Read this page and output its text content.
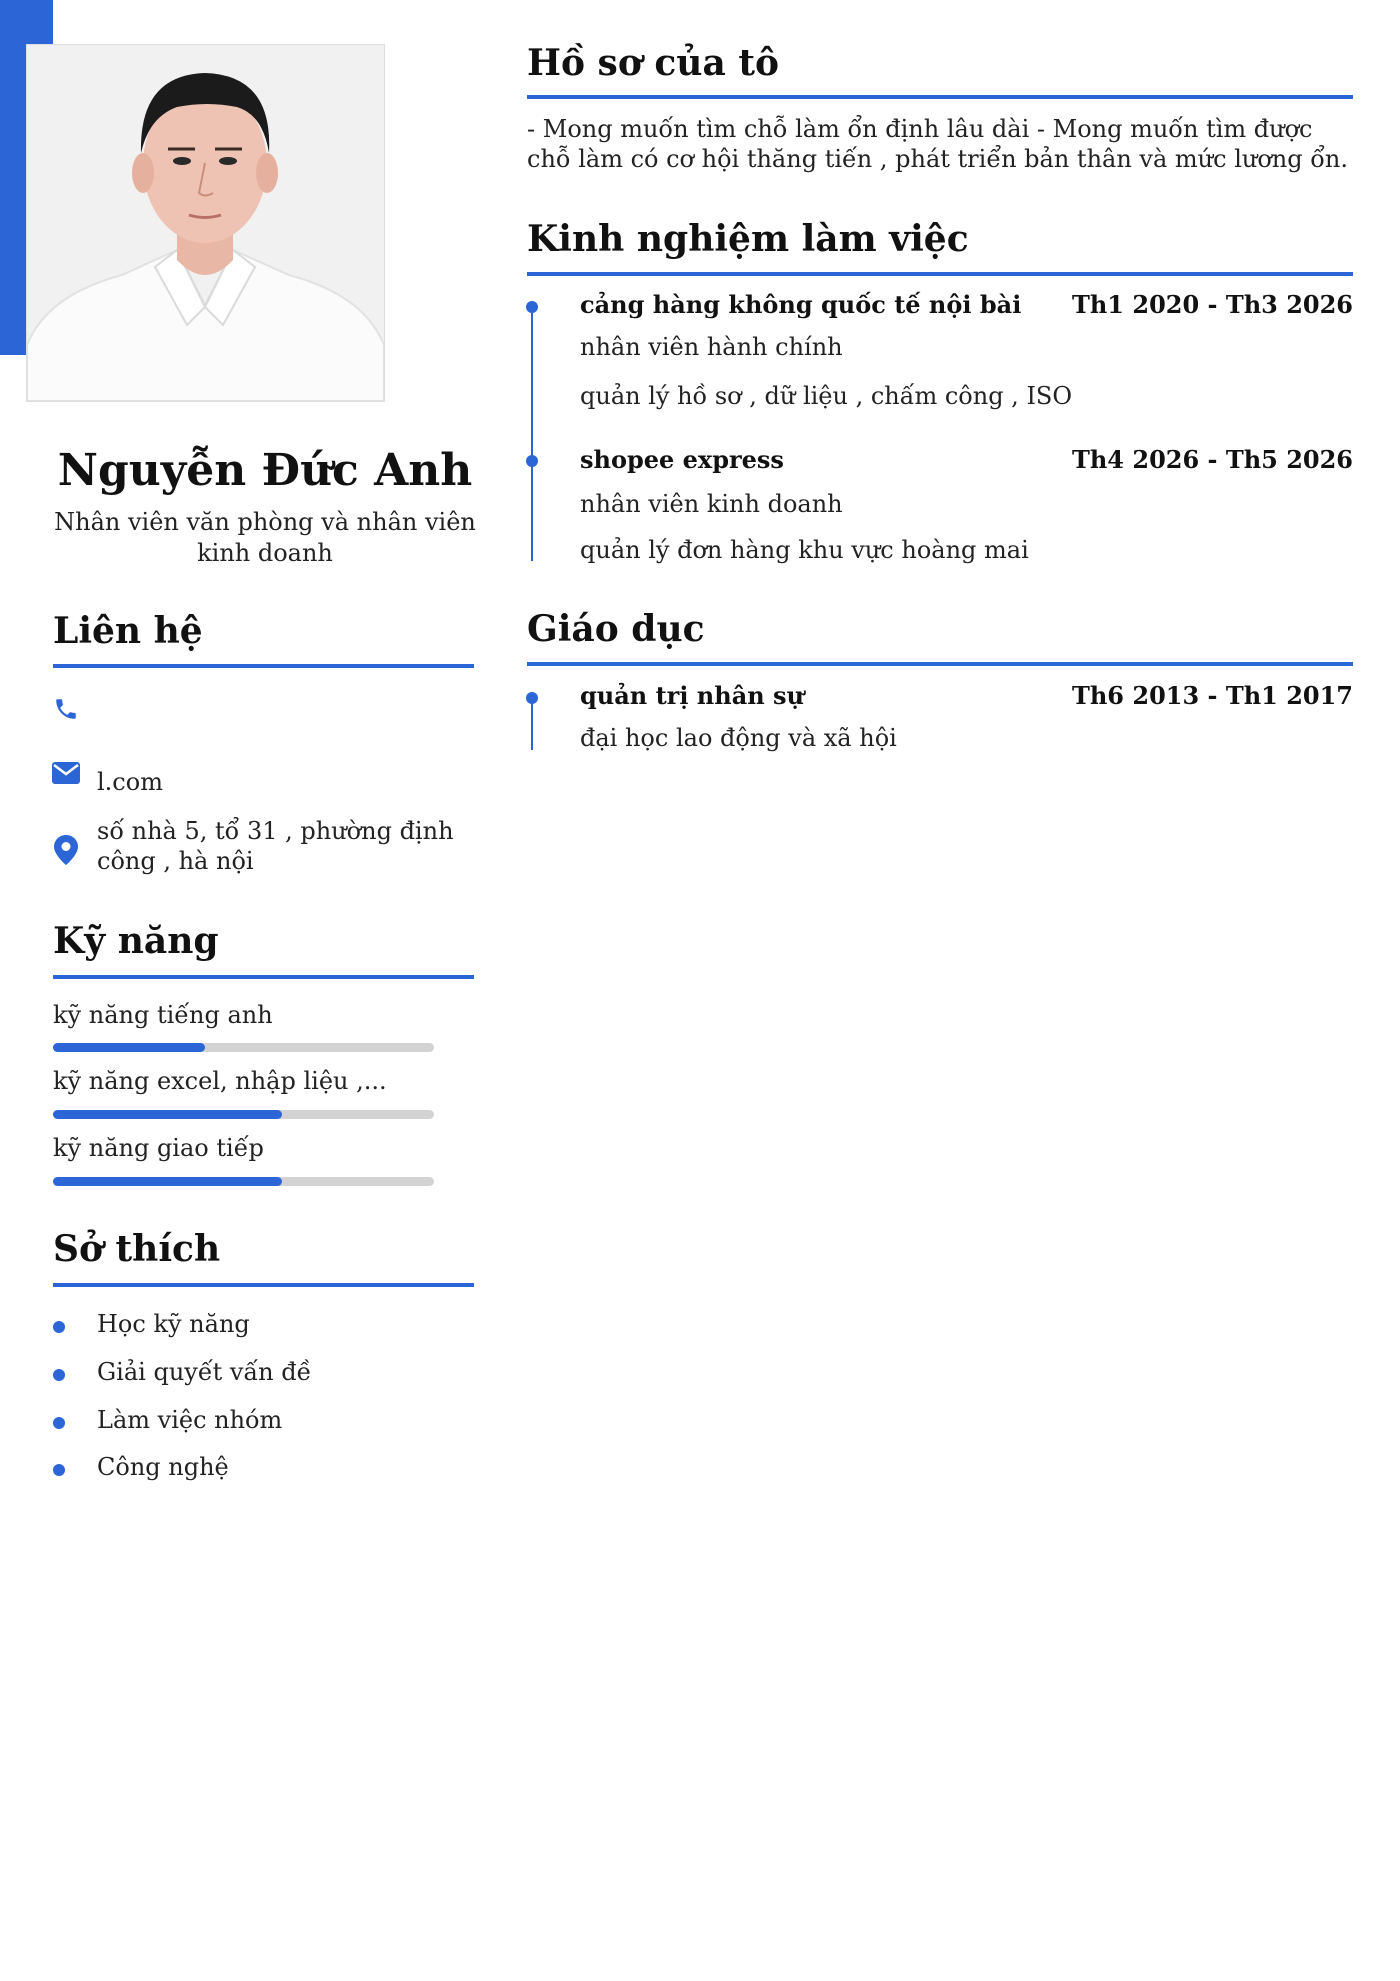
Nguyễn Đức Anh
Nhân viên văn phòng và nhân viên kinh doanh
Liên hệ
l.com
số nhà 5, tổ 31 , phường định công , hà nội
Kỹ năng
kỹ năng tiếng anh
kỹ năng excel, nhập liệu ,...
kỹ năng giao tiếp
Sở thích
Học kỹ năng
Giải quyết vấn đề
Làm việc nhóm
Công nghệ
Hồ sơ của tô
- Mong muốn tìm chỗ làm ổn định lâu dài - Mong muốn tìm được chỗ làm có cơ hội thăng tiến , phát triển bản thân và mức lương ổn.
Kinh nghiệm làm việc
cảng hàng không quốc tế nội bài	Th1 2020 - Th3 2026
nhân viên hành chính
quản lý hồ sơ , dữ liệu , chấm công , ISO
shopee express	Th4 2026 - Th5 2026
nhân viên kinh doanh
quản lý đơn hàng khu vực hoàng mai
Giáo dục
quản trị nhân sự	Th6 2013 - Th1 2017
đại học lao động và xã hội
